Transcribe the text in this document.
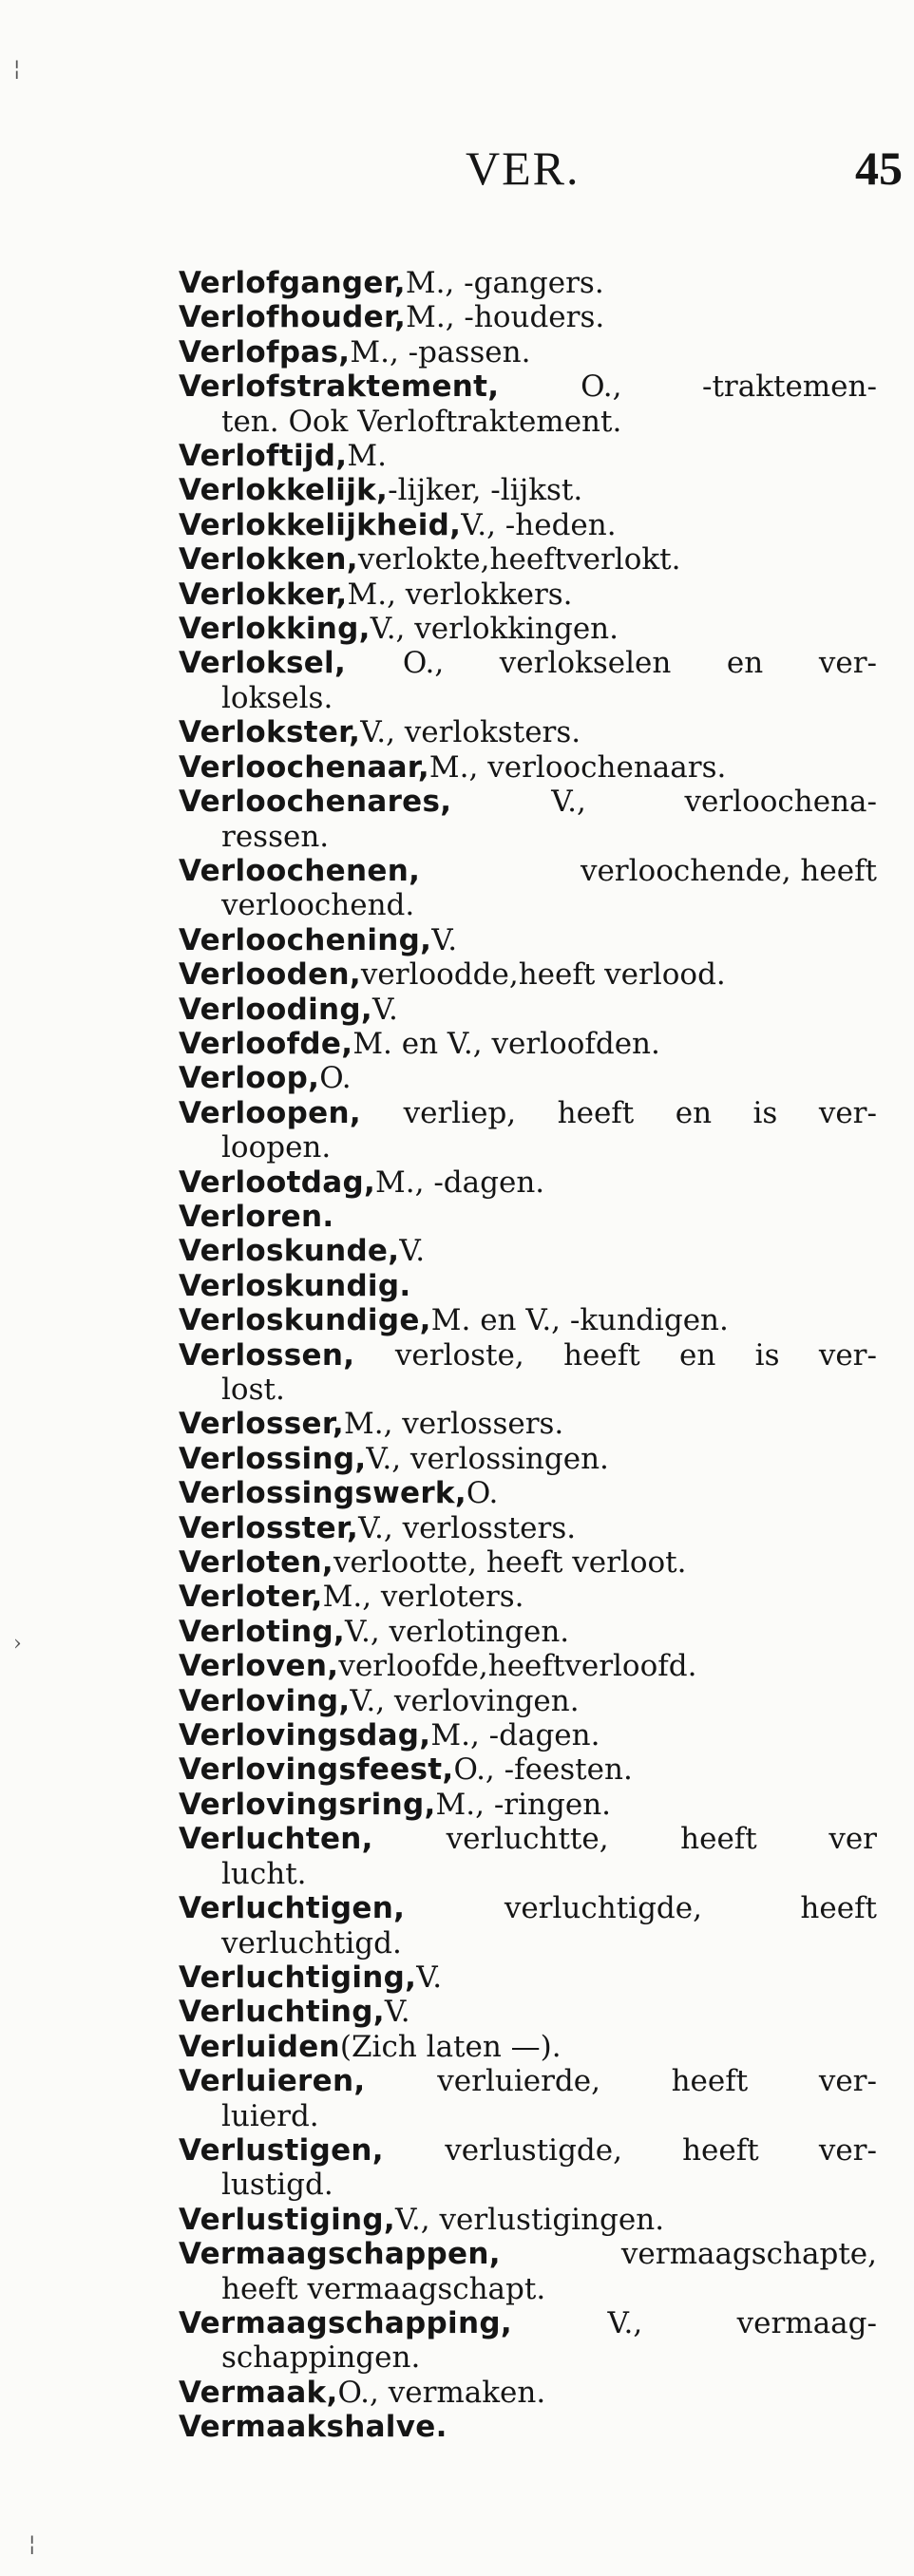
¦
›
¦
VER.	45
Verlofganger, M., -gangers.
Verlofhouder, M., -houders.
Verlofpas, M., -passen.
Verlofstraktement, O., -traktemen-
ten. Ook Verloftraktement.
Verloftijd, M.
Verlokkelijk, -lijker, -lijkst.
Verlokkelijkheid, V., -heden.
Verlokken, verlokte, heeft verlokt.
Verlokker, M., verlokkers.
Verlokking, V., verlokkingen.
Verloksel, O., verlokselen en ver-
loksels.
Verlokster, V., verloksters.
Verloochenaar, M., verloochenaars.
Verloochenares,	V.,	verloochena-
ressen.
Verloochenen,	verloochende, heeft
verloochend.
Verloochening, V.
Verlooden, verloodde, heeft verlood.
Verlooding, V.
Verloofde, M. en V., verloofden.
Verloop, O.
Verloopen, verliep, heeft en is ver-
loopen.
Verlootdag, M., -dagen.
Verloren.
Verloskunde, V.
Verloskundig.
Verloskundige, M. en V., -kundigen.
Verlossen, verloste, heeft en is ver-
lost.
Verlosser, M., verlossers.
Verlossing, V., verlossingen.
Verlossingswerk, O.
Verlosster, V., verlossters.
Verloten, verlootte, heeft verloot.
Verloter, M., verloters.
Verloting, V., verlotingen.
Verloven, verloofde, heeft verloofd.
Verloving, V., verlovingen.
Verlovingsdag, M., -dagen.
Verlovingsfeest, O., -feesten.
Verlovingsring, M., -ringen.
Verluchten, verluchtte, heeft ver
lucht.
Verluchtigen,	verluchtigde,	heeft
verluchtigd.
Verluchtiging, V.
Verluchting, V.
Verluiden (Zich laten —).
Verluieren, verluierde, heeft ver-
luierd.
Verlustigen, verlustigde, heeft ver-
lustigd.
Verlustiging, V., verlustigingen.
Vermaagschappen,	vermaagschapte,
heeft vermaagschapt.
Vermaagschapping,	V.,	vermaag-
schappingen.
Vermaak, O., vermaken.
Vermaakshalve.
